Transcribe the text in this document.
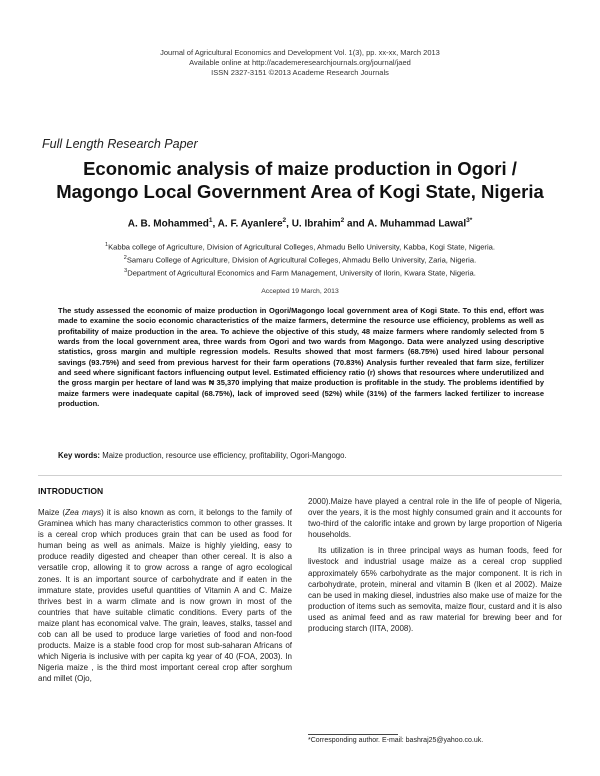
Journal of Agricultural Economics and Development Vol. 1(3), pp. xx-xx, March 2013
Available online at http://academeresearchjournals.org/journal/jaed
ISSN 2327-3151 ©2013 Academe Research Journals
Full Length Research Paper
Economic analysis of maize production in Ogori /
Magongo Local Government Area of Kogi State, Nigeria
A. B. Mohammed$^1$, A. F. Ayanlere$^2$, U. Ibrahim$^2$ and A. Muhammad Lawal$^{3*}$
$^1$Kabba college of Agriculture, Division of Agricultural Colleges, Ahmadu Bello University, Kabba, Kogi State, Nigeria.
$^2$Samaru College of Agriculture, Division of Agricultural Colleges, Ahmadu Bello University, Zaria, Nigeria.
$^3$Department of Agricultural Economics and Farm Management, University of Ilorin, Kwara State, Nigeria.
Accepted 19 March, 2013
The study assessed the economic of maize production in Ogori/Magongo local government area of Kogi State. To this end, effort was made to examine the socio economic characteristics of the maize farmers, determine the resource use efficiency, problems as well as profitability of maize production in the area. To achieve the objective of this study, 48 maize farmers where randomly selected from 5 wards from the local government area, three wards from Ogori and two wards from Magongo. Data were analyzed using descriptive statistics, gross margin and multiple regression models. Results showed that most farmers (68.75%) used hired labour personal savings (93.75%) and seed from previous harvest for their farm operations (70.83%) Analysis further revealed that farm size, fertilizer and seed where significant factors influencing output level. Estimated efficiency ratio (r) shows that resources where underutilized and the gross margin per hectare of land was ₦ 35,370 implying that maize production is profitable in the study. The problems identified by maize farmers were inadequate capital (68.75%), lack of improved seed (52%) while (31%) of the farmers lacked fertilizer to increase production.
Key words: Maize production, resource use efficiency, profitability, Ogori-Mangogo.
INTRODUCTION

Maize (Zea mays) it is also known as corn, it belongs to the family of Graminea which has many characteristics common to other grasses. It is a cereal crop which produces grain that can be used as food for human being as well as animals. Maize is highly yielding, easy to produce readily digested and cheaper than other cereal. It is also a versatile crop, allowing it to grow across a range of agro ecological zones. It is an important source of carbohydrate and if eaten in the immature state, provides useful quantities of Vitamin A and C. Maize thrives best in a warm climate and is now grown in most of the countries that have suitable climatic conditions. Every parts of the maize plant has economical valve. The grain, leaves, stalks, tassel and cob can all be used to produce large varieties of food and non-food products. Maize is a stable food crop for most sub-saharan Africans of which Nigeria is inclusive with per capita kg year of 40 (FOA, 2003). In Nigeria maize , is the third most important cereal crop after sorghum and millet (Ojo,

2000).Maize have played a central role in the life of people of Nigeria, over the years, it is the most highly consumed grain and it accounts for two-third of the calorific intake and grown by large proportion of Nigeria households.

Its utilization is in three principal ways as human foods, feed for livestock and industrial usage maize as a cereal crop supplied approximately 65% carbohydrate as the major component. It is rich in carbohydrate, protein, mineral and vitamin B (Iken et al 2002). Maize can be used in making diesel, industries also make use of maize for the production of items such as semovita, maize flour, custard and it is also used as animal feed and as raw material for brewing beer and for producing starch (IITA, 2008).

*Corresponding author. E-mail: bashraj25@yahoo.co.uk.
